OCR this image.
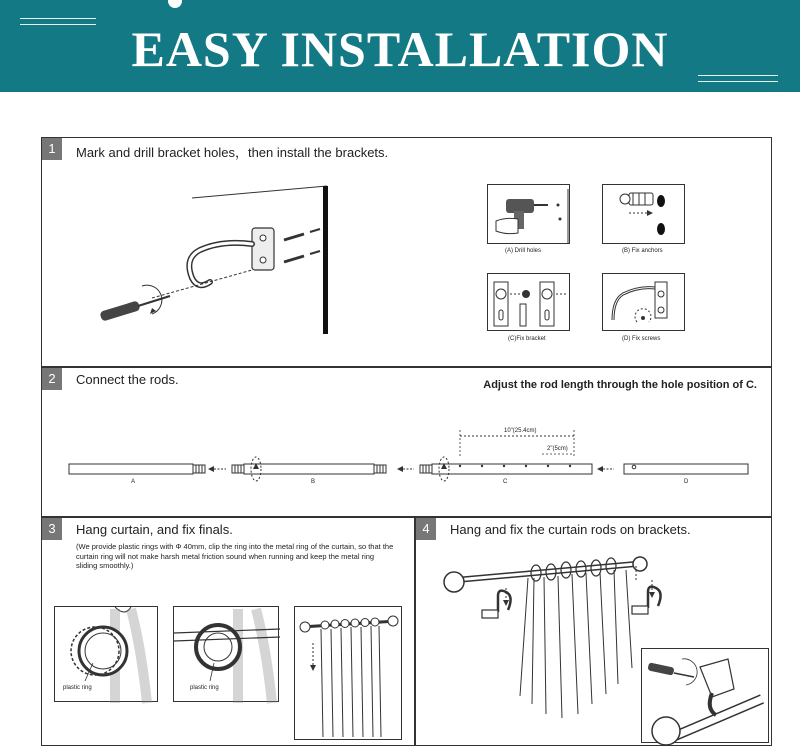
EASY INSTALLATION
1	Mark and drill bracket holes，then install the brackets.
(A) Drill holes	(B) Fix anchors
(C)Fix bracket	(D) Fix screws
2	Connect the rods.	Adjust the rod length through the hole position of C.
10"(25.4cm)
2"(5cm)
A	B	C	D
3	Hang curtain, and fix finals.
(We provide plastic rings with Φ 40mm, clip the ring into the metal ring of the curtain, so that the curtain ring will not make harsh metal friction sound when running and keep the metal ring sliding smoothly.)
plastic ring	plastic ring
4	Hang and fix the curtain rods on brackets.
